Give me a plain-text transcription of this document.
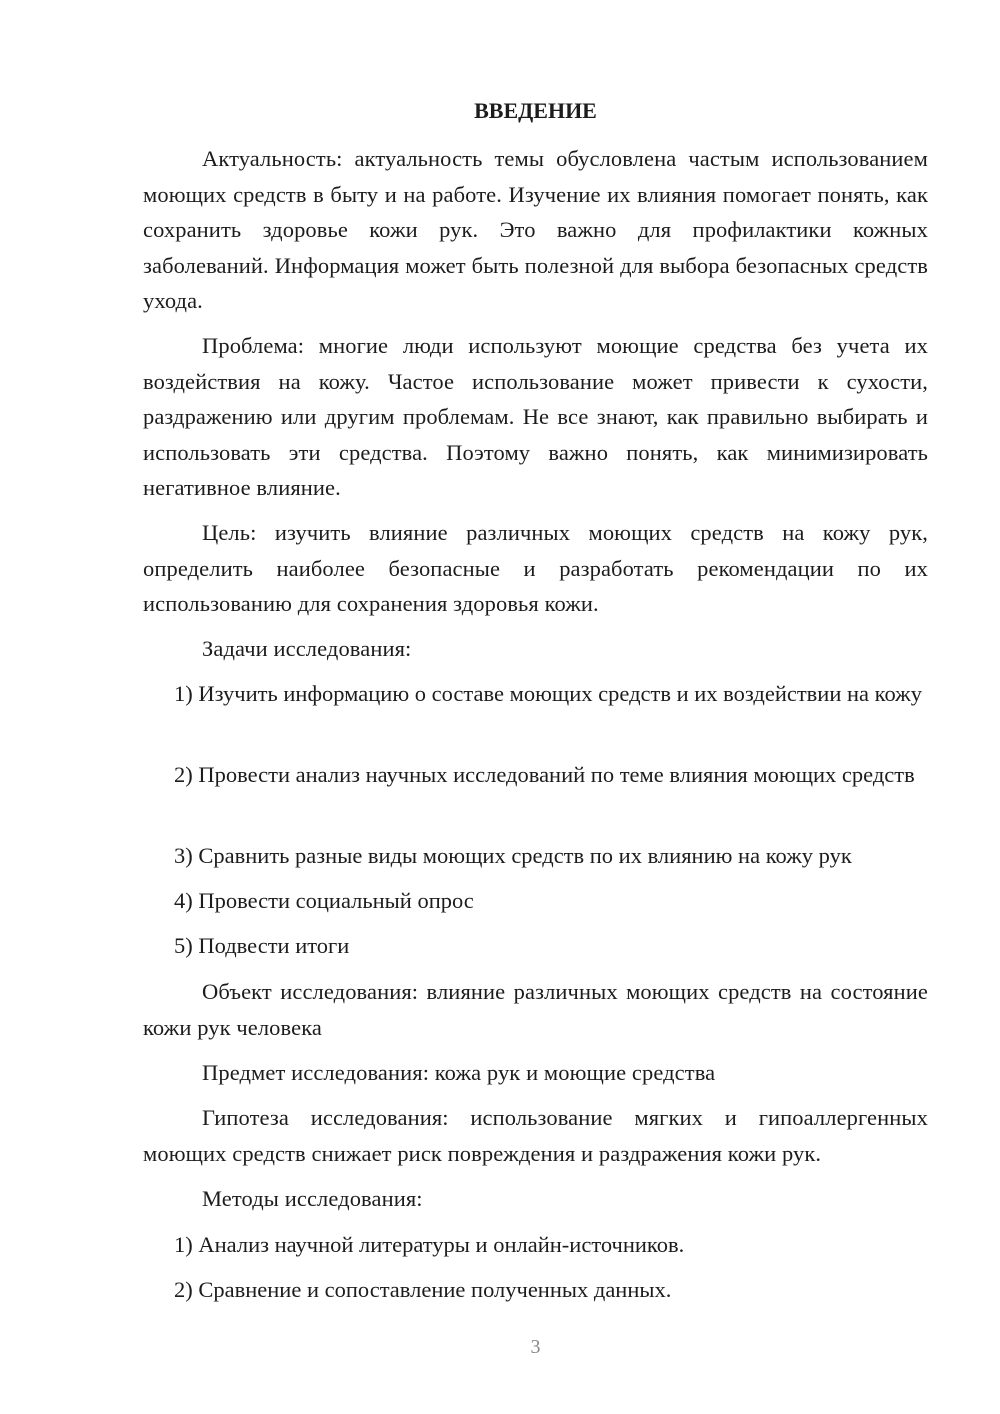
ВВЕДЕНИЕ

Актуальность: актуальность темы обусловлена частым использованием моющих средств в быту и на работе. Изучение их влияния помогает понять, как сохранить здоровье кожи рук. Это важно для профилактики кожных заболеваний. Информация может быть полезной для выбора безопасных средств ухода.

Проблема: многие люди используют моющие средства без учета их воздействия на кожу. Частое использование может привести к сухости, раздражению или другим проблемам. Не все знают, как правильно выбирать и использовать эти средства. Поэтому важно понять, как минимизировать негативное влияние.

Цель: изучить влияние различных моющих средств на кожу рук, определить наиболее безопасные и разработать рекомендации по их использованию для сохранения здоровья кожи.

Задачи исследования:

1) Изучить информацию о составе моющих средств и их воздействии на кожу

2) Провести анализ научных исследований по теме влияния моющих средств

3) Сравнить разные виды моющих средств по их влиянию на кожу рук

4) Провести социальный опрос

5) Подвести итоги

Объект исследования: влияние различных моющих средств на состояние кожи рук человека

Предмет исследования: кожа рук и моющие средства

Гипотеза исследования: использование мягких и гипоаллергенных моющих средств снижает риск повреждения и раздражения кожи рук.

Методы исследования:

1) Анализ научной литературы и онлайн-источников.

2) Сравнение и сопоставление полученных данных.

3
